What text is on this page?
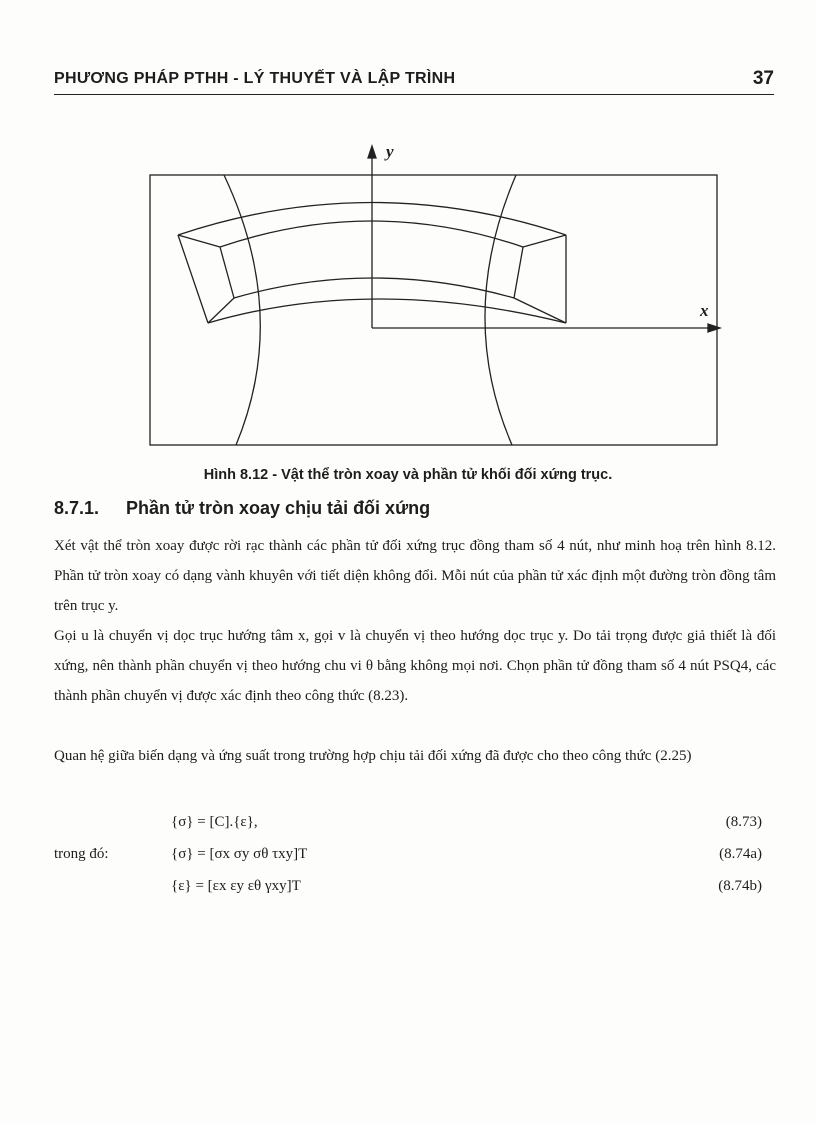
PHƯƠNG PHÁP PTHH - LÝ THUYẾT VÀ LẬP TRÌNH	37
y
x
Hình 8.12 - Vật thể tròn xoay và phần tử khối đối xứng trục.
8.7.1. Phần tử tròn xoay chịu tải đối xứng
Xét vật thể tròn xoay được rời rạc thành các phần tử đối xứng trục đồng tham số 4 nút, như minh hoạ trên hình 8.12. Phần tử tròn xoay có dạng vành khuyên với tiết diện không đổi. Mỗi nút của phần tử xác định một đường tròn đồng tâm trên trục y.
Gọi u là chuyển vị dọc trục hướng tâm x, gọi v là chuyển vị theo hướng dọc trục y. Do tải trọng được giả thiết là đối xứng, nên thành phần chuyển vị theo hướng chu vi θ bằng không mọi nơi. Chọn phần tử đồng tham số 4 nút PSQ4, các thành phần chuyển vị được xác định theo công thức (8.23).
Quan hệ giữa biến dạng và ứng suất trong trường hợp chịu tải đối xứng đã được cho theo công thức (2.25)
{σ} = [C].{ε},	(8.73)
trong đó:	{σ} = [σx σy σθ τxy]T	(8.74a)
{ε} = [εx εy εθ γxy]T	(8.74b)
